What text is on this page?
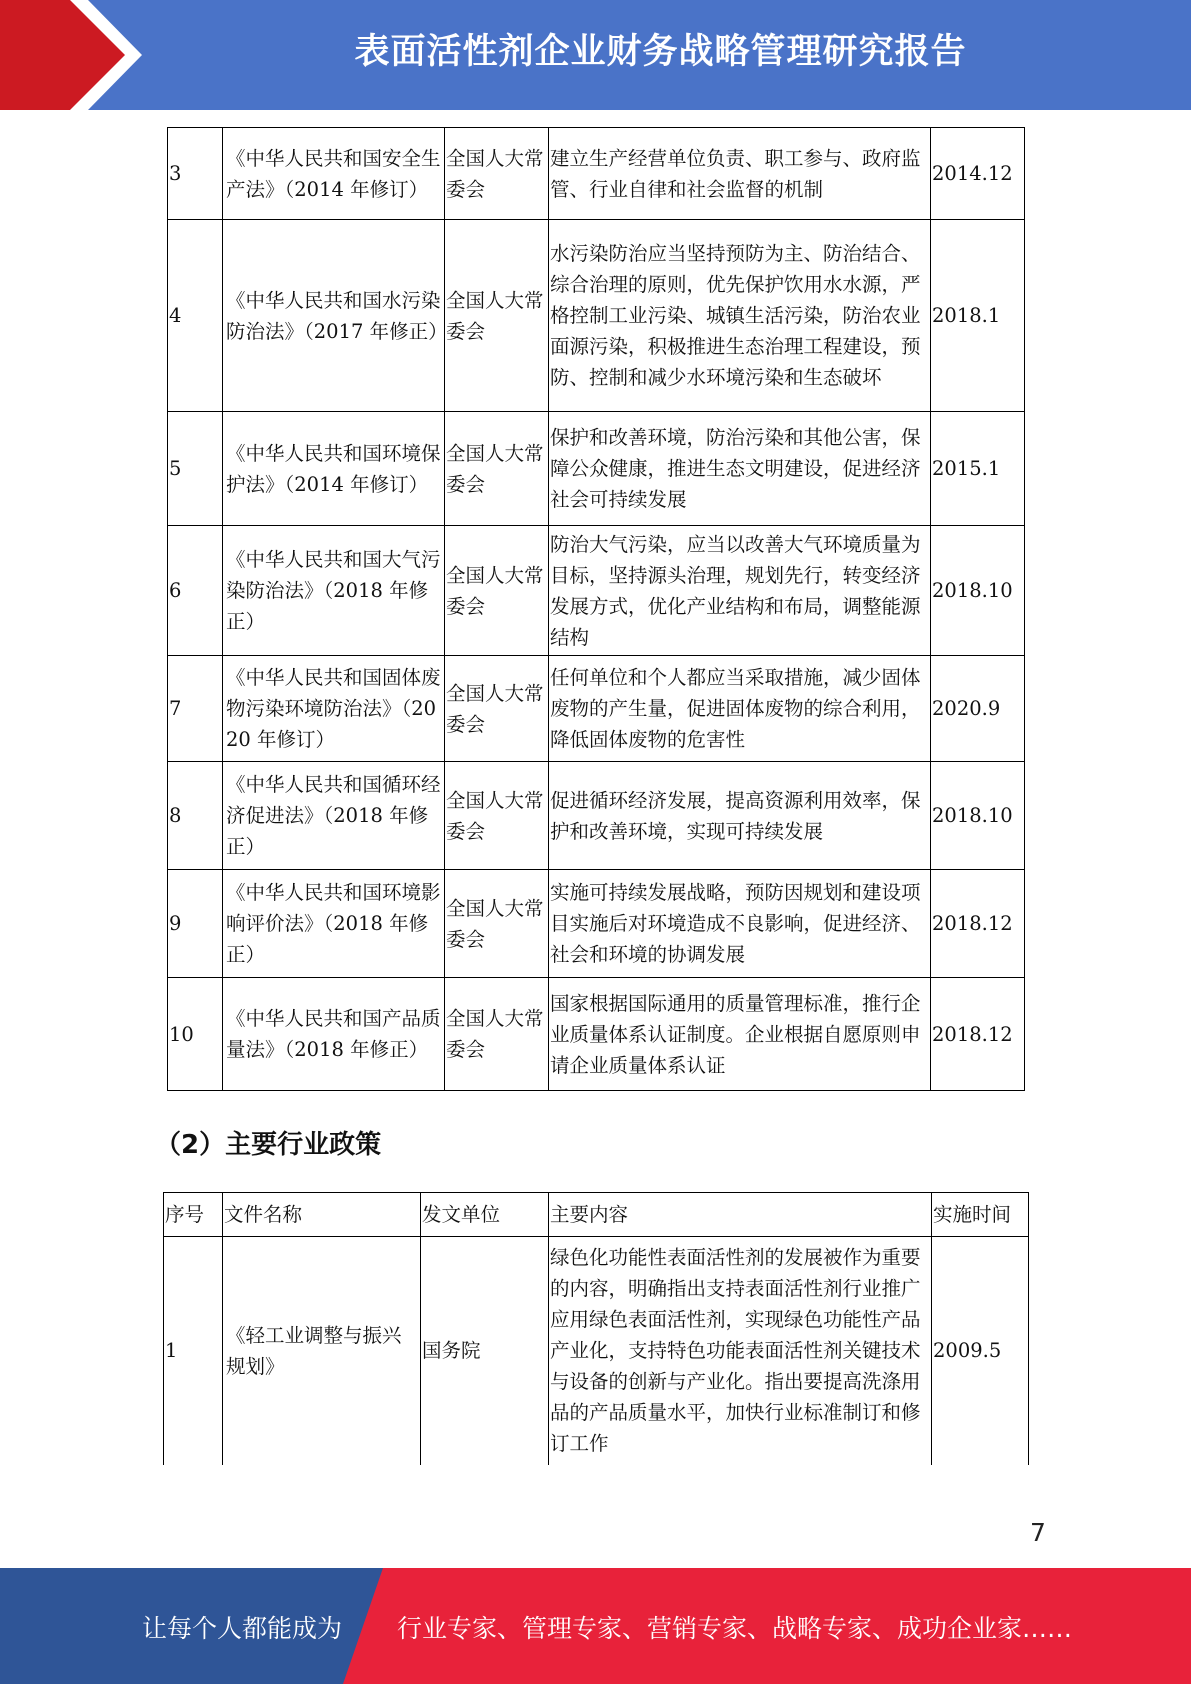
表面活性剂企业财务战略管理研究报告
3	《中华人民共和国安全生产法》（2014 年修订）	全国人大常委会	建立生产经营单位负责、职工参与、政府监管、行业自律和社会监督的机制	2014.12
4	《中华人民共和国水污染防治法》（2017 年修正）	全国人大常委会	水污染防治应当坚持预防为主、防治结合、综合治理的原则，优先保护饮用水水源，严格控制工业污染、城镇生活污染，防治农业面源污染，积极推进生态治理工程建设，预防、控制和减少水环境污染和生态破坏	2018.1
5	《中华人民共和国环境保护法》（2014 年修订）	全国人大常委会	保护和改善环境，防治污染和其他公害，保障公众健康，推进生态文明建设，促进经济社会可持续发展	2015.1
6	《中华人民共和国大气污染防治法》（2018 年修正）	全国人大常委会	防治大气污染，应当以改善大气环境质量为目标，坚持源头治理，规划先行，转变经济发展方式，优化产业结构和布局，调整能源结构	2018.10
7	《中华人民共和国固体废物污染环境防治法》（2020 年修订）	全国人大常委会	任何单位和个人都应当采取措施，减少固体废物的产生量，促进固体废物的综合利用，降低固体废物的危害性	2020.9
8	《中华人民共和国循环经济促进法》（2018 年修正）	全国人大常委会	促进循环经济发展，提高资源利用效率，保护和改善环境，实现可持续发展	2018.10
9	《中华人民共和国环境影响评价法》（2018 年修正）	全国人大常委会	实施可持续发展战略，预防因规划和建设项目实施后对环境造成不良影响，促进经济、社会和环境的协调发展	2018.12
10	《中华人民共和国产品质量法》（2018 年修正）	全国人大常委会	国家根据国际通用的质量管理标准，推行企业质量体系认证制度。企业根据自愿原则申请企业质量体系认证	2018.12
（2）主要行业政策
序号	文件名称	发文单位	主要内容	实施时间
1	《轻工业调整与振兴规划》	国务院	绿色化功能性表面活性剂的发展被作为重要的内容，明确指出支持表面活性剂行业推广应用绿色表面活性剂，实现绿色功能性产品产业化，支持特色功能表面活性剂关键技术与设备的创新与产业化。指出要提高洗涤用品的产品质量水平，加快行业标准制订和修订工作	2009.5
7
让每个人都能成为 行业专家、管理专家、营销专家、战略专家、成功企业家……
